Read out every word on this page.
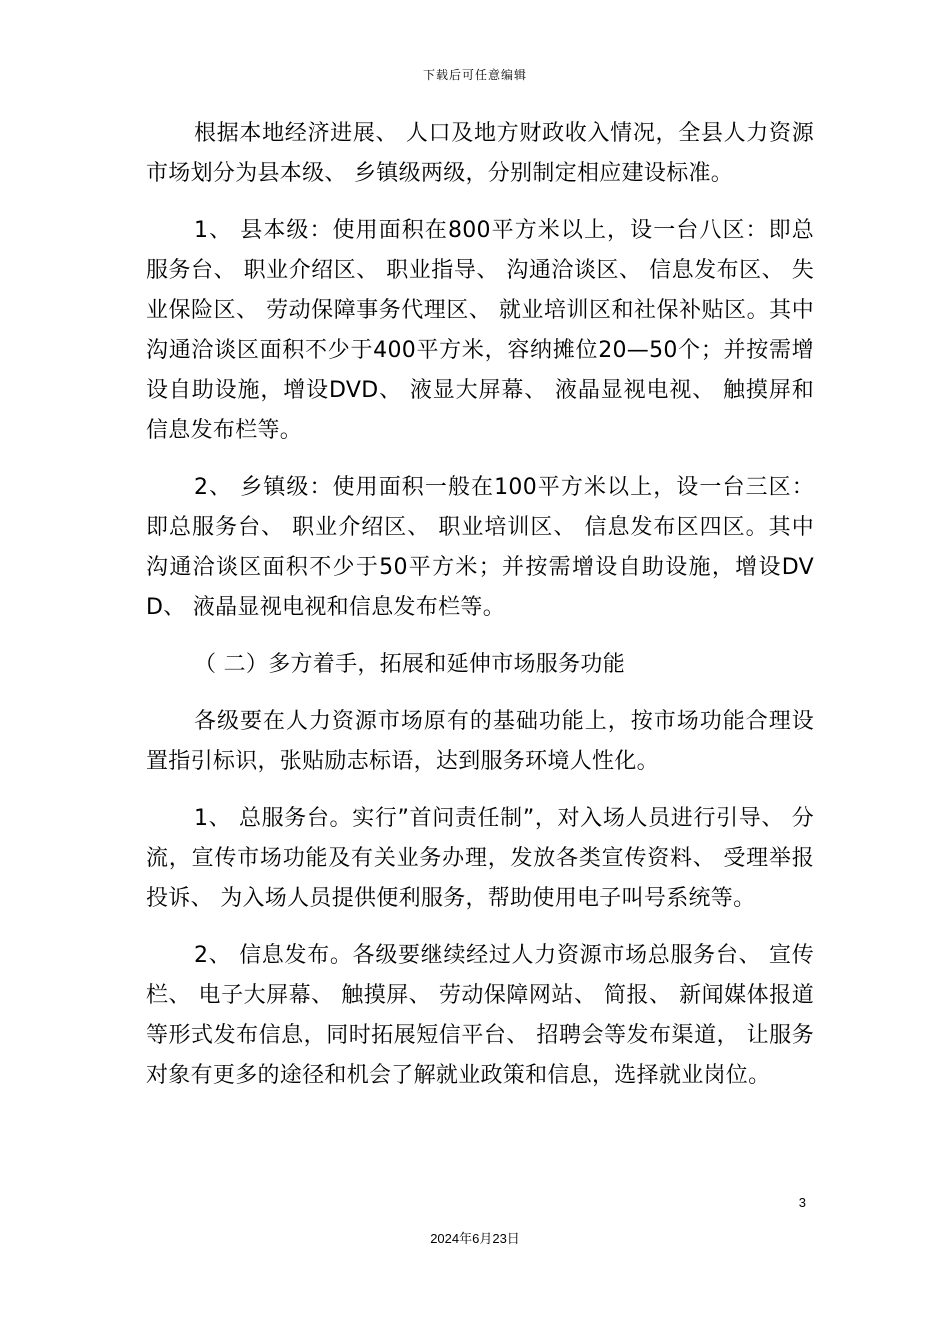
下载后可任意编辑

根据本地经济进展、 人口及地方财政收入情况，全县人力资源市场划分为县本级、 乡镇级两级，分别制定相应建设标准。

1、 县本级：使用面积在800平方米以上，设一台八区：即总服务台、 职业介绍区、 职业指导、 沟通洽谈区、 信息发布区、 失业保险区、 劳动保障事务代理区、 就业培训区和社保补贴区。其中沟通洽谈区面积不少于400平方米，容纳摊位20—50个；并按需增设自助设施，增设DVD、 液显大屏幕、 液晶显视电视、 触摸屏和信息发布栏等。

2、 乡镇级：使用面积一般在100平方米以上，设一台三区：即总服务台、 职业介绍区、 职业培训区、 信息发布区四区。其中沟通洽谈区面积不少于50平方米；并按需增设自助设施，增设DVD、 液晶显视电视和信息发布栏等。

（ 二）多方着手，拓展和延伸市场服务功能

各级要在人力资源市场原有的基础功能上，按市场功能合理设置指引标识，张贴励志标语，达到服务环境人性化。

1、 总服务台。实行”首问责任制”，对入场人员进行引导、 分流，宣传市场功能及有关业务办理，发放各类宣传资料、 受理举报投诉、 为入场人员提供便利服务，帮助使用电子叫号系统等。

2、 信息发布。各级要继续经过人力资源市场总服务台、 宣传栏、 电子大屏幕、 触摸屏、 劳动保障网站、 简报、 新闻媒体报道等形式发布信息，同时拓展短信平台、 招聘会等发布渠道， 让服务对象有更多的途径和机会了解就业政策和信息，选择就业岗位。

3
2024年6月23日
